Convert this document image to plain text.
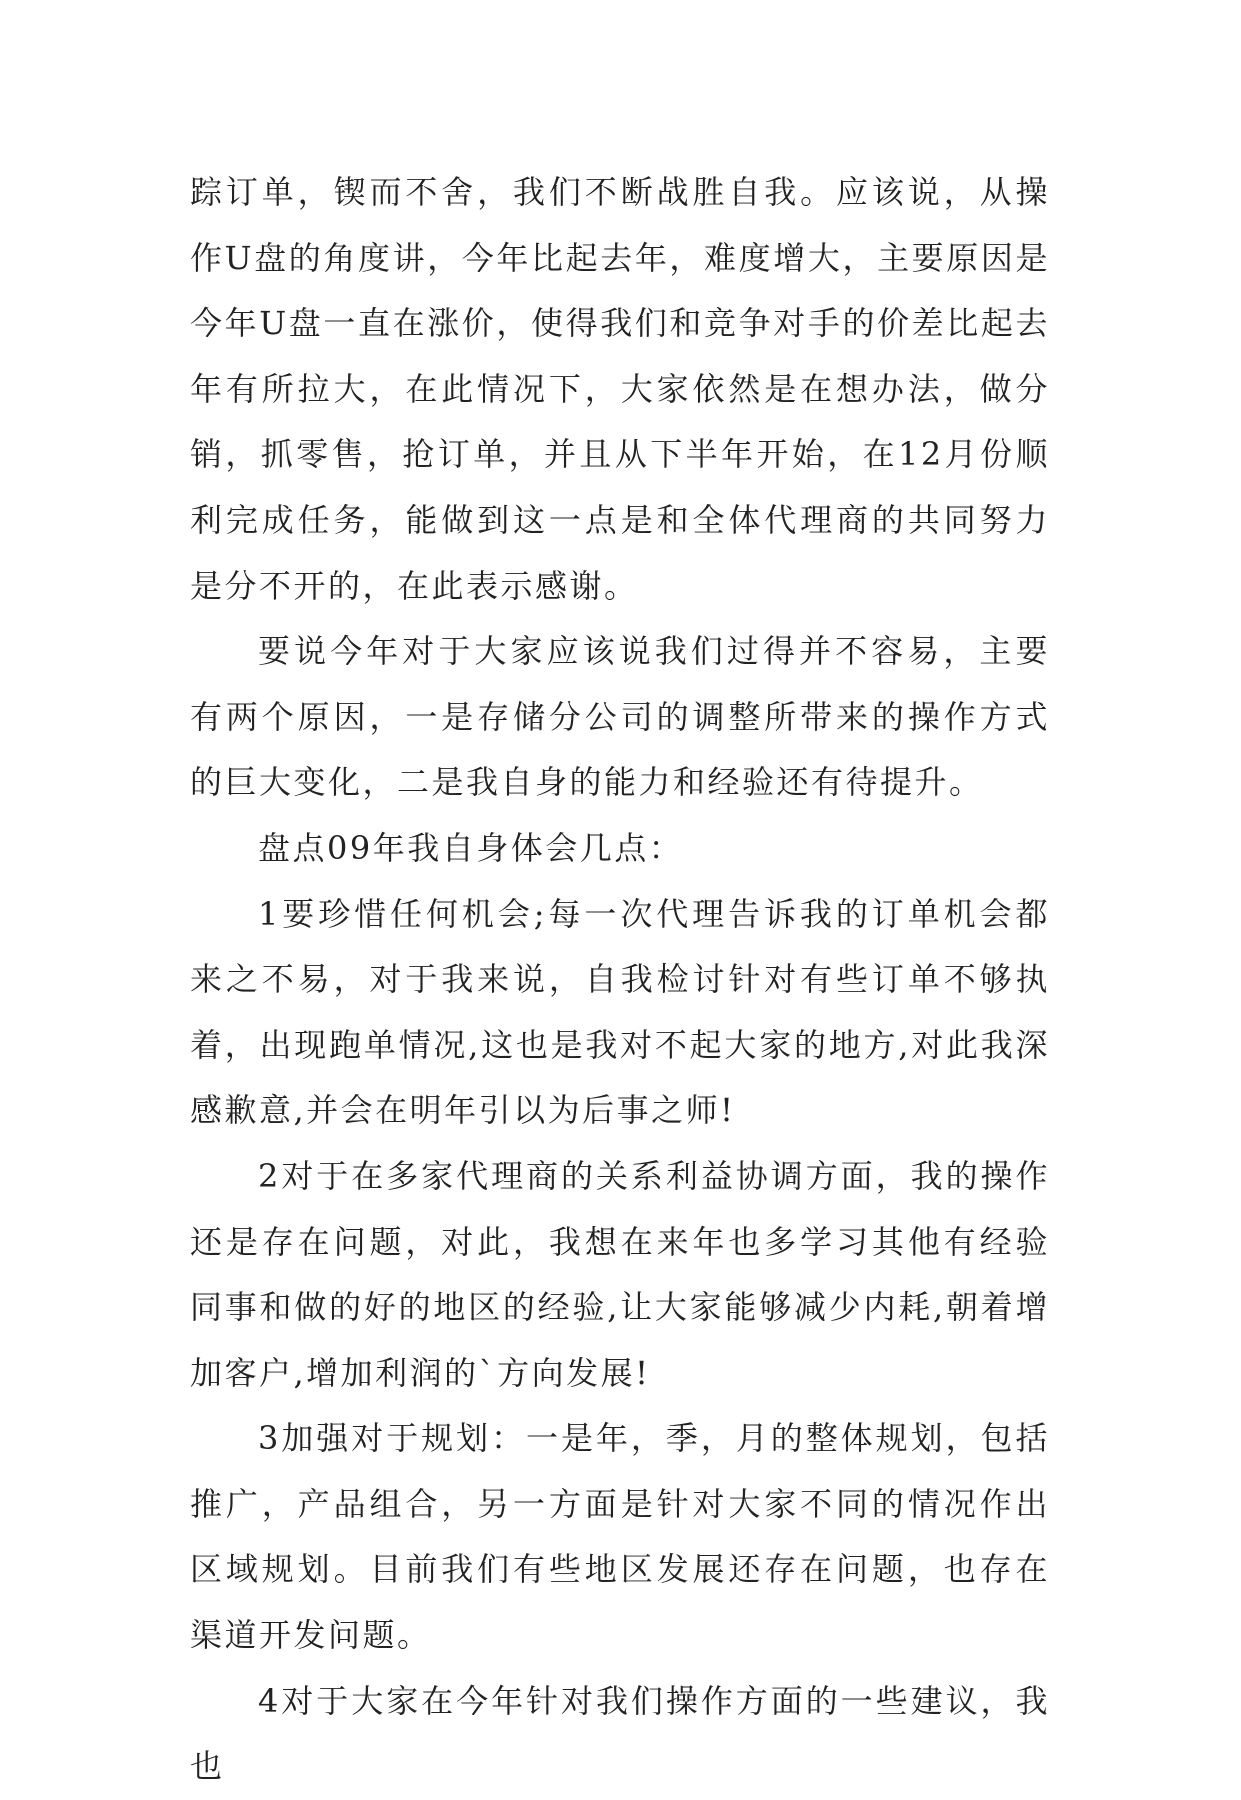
踪订单，锲而不舍，我们不断战胜自我。应该说，从操作U盘的角度讲，今年比起去年，难度增大，主要原因是今年U盘一直在涨价，使得我们和竞争对手的价差比起去年有所拉大，在此情况下，大家依然是在想办法，做分销，抓零售，抢订单，并且从下半年开始，在12月份顺利完成任务，能做到这一点是和全体代理商的共同努力是分不开的，在此表示感谢。

要说今年对于大家应该说我们过得并不容易，主要有两个原因，一是存储分公司的调整所带来的操作方式的巨大变化，二是我自身的能力和经验还有待提升。

盘点09年我自身体会几点：

1要珍惜任何机会;每一次代理告诉我的订单机会都来之不易，对于我来说，自我检讨针对有些订单不够执着，出现跑单情况,这也是我对不起大家的地方,对此我深感歉意,并会在明年引以为后事之师!

2对于在多家代理商的关系利益协调方面，我的操作还是存在问题，对此，我想在来年也多学习其他有经验同事和做的好的地区的经验,让大家能够减少内耗,朝着增加客户,增加利润的`方向发展!

3加强对于规划：一是年，季，月的整体规划，包括推广，产品组合，另一方面是针对大家不同的情况作出区域规划。目前我们有些地区发展还存在问题，也存在渠道开发问题。

4对于大家在今年针对我们操作方面的一些建议，我也
